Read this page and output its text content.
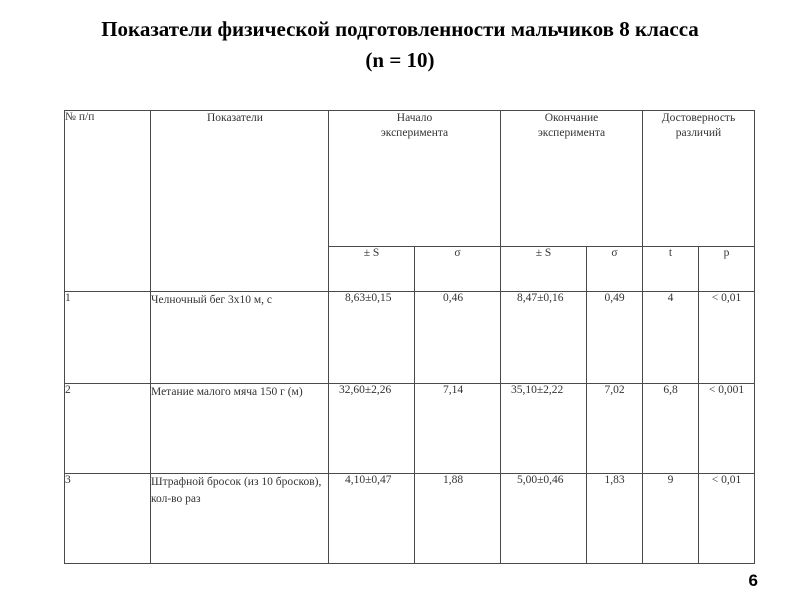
Показатели физической подготовленности мальчиков 8 класса
(n = 10)
№ п/п	Показатели	Начало эксперимента		Окончание эксперимента		Достоверность различий	

		± S	σ	± S	σ	t	p
1	Челночный бег 3х10 м, с	8,63±0,15	0,46	8,47±0,16	0,49	4	< 0,01
2	Метание малого мяча 150 г (м)	32,60±2,26	7,14	35,10±2,22	7,02	6,8	< 0,001
3	Штрафной бросок (из 10 бросков), кол-во раз	4,10±0,47	1,88	5,00±0,46	1,83	9	< 0,01
6
